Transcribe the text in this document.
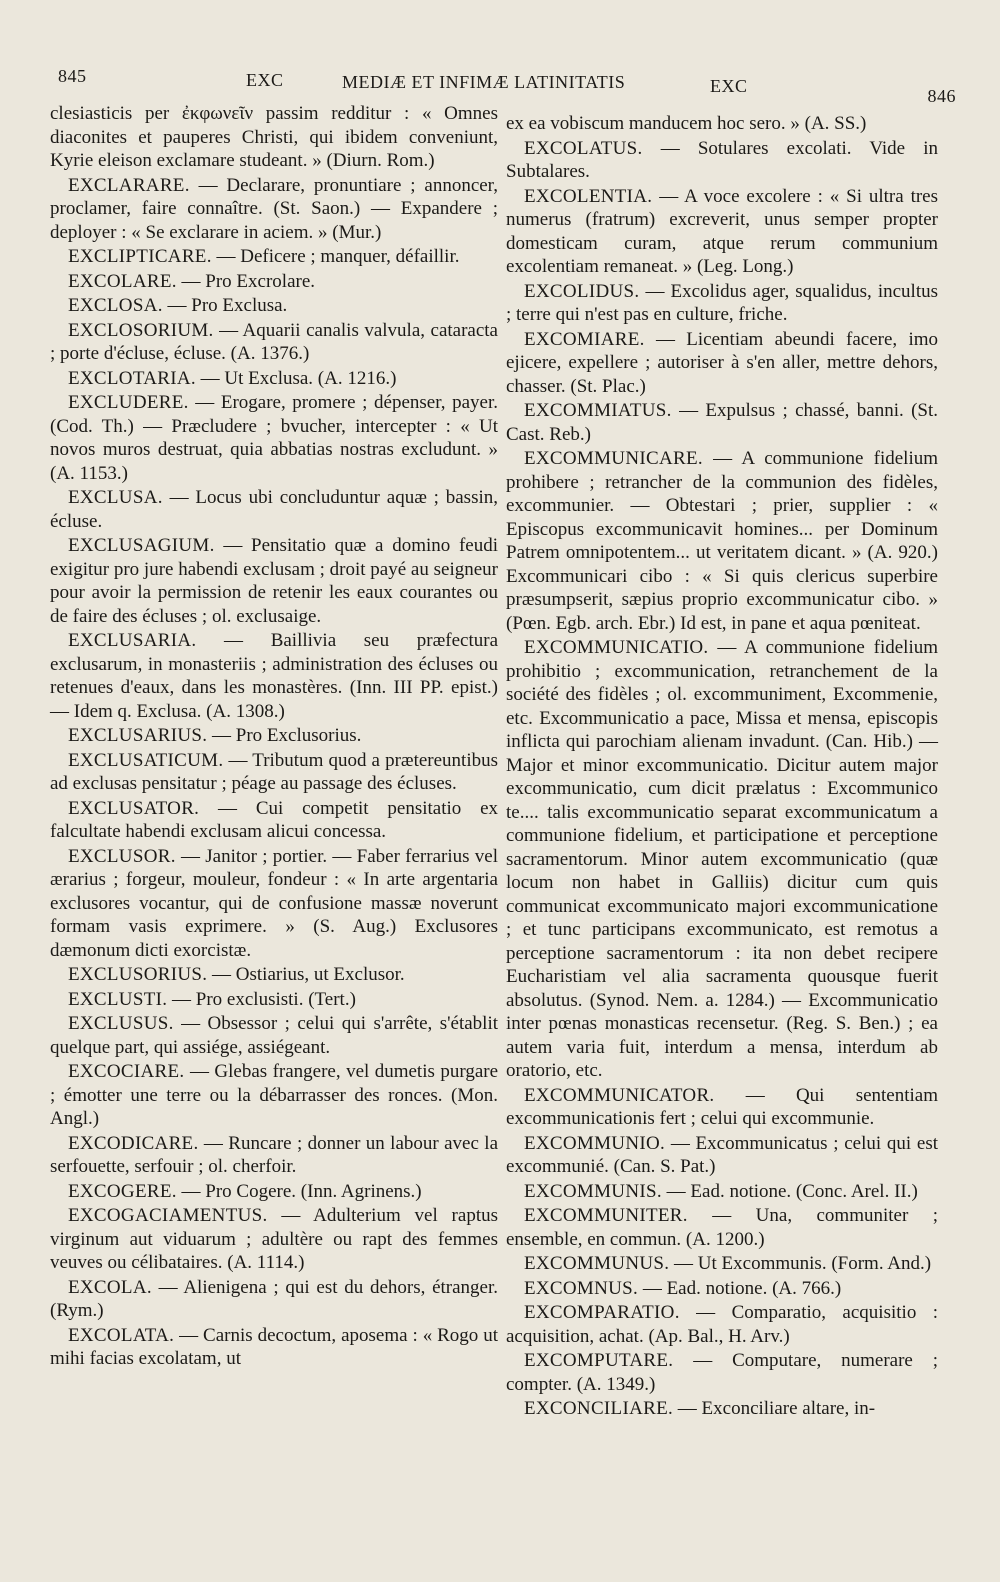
845	EXC	MEDIÆ ET INFIMÆ LATINITATIS	EXC	846

clesiasticis per ἐκφωνεῖν passim redditur : « Omnes diaconites et pauperes Christi, qui ibidem conveniunt, Kyrie eleison exclamare studeant. » (Diurn. Rom.)

EXCLARARE. — Declarare, pronuntiare ; annoncer, proclamer, faire connaître. (St. Saon.) — Expandere ; deployer : « Se exclarare in aciem. » (Mur.)

EXCLIPTICARE. — Deficere ; manquer, défaillir.

EXCOLARE. — Pro Excrolare.

EXCLOSA. — Pro Exclusa.

EXCLOSORIUM. — Aquarii canalis valvula, cataracta ; porte d'écluse, écluse. (A. 1376.)

EXCLOTARIA. — Ut Exclusa. (A. 1216.)

EXCLUDERE. — Erogare, promere ; dépenser, payer. (Cod. Th.) — Præcludere ; bvucher, intercepter : « Ut novos muros destruat, quia abbatias nostras excludunt. » (A. 1153.)

EXCLUSA. — Locus ubi concluduntur aquæ ; bassin, écluse.

EXCLUSAGIUM. — Pensitatio quæ a domino feudi exigitur pro jure habendi exclusam ; droit payé au seigneur pour avoir la permission de retenir les eaux courantes ou de faire des écluses ; ol. exclusaige.

EXCLUSARIA. — Baillivia seu præfectura exclusarum, in monasteriis ; administration des écluses ou retenues d'eaux, dans les monastères. (Inn. III PP. epist.) — Idem q. Exclusa. (A. 1308.)

EXCLUSARIUS. — Pro Exclusorius.

EXCLUSATICUM. — Tributum quod a prætereuntibus ad exclusas pensitatur ; péage au passage des écluses.

EXCLUSATOR. — Cui competit pensitatio ex falcultate habendi exclusam alicui concessa.

EXCLUSOR. — Janitor ; portier. — Faber ferrarius vel ærarius ; forgeur, mouleur, fondeur : « In arte argentaria exclusores vocantur, qui de confusione massæ noverunt formam vasis exprimere. » (S. Aug.) Exclusores dæmonum dicti exorcistæ.

EXCLUSORIUS. — Ostiarius, ut Exclusor.

EXCLUSTI. — Pro exclusisti. (Tert.)

EXCLUSUS. — Obsessor ; celui qui s'arrête, s'établit quelque part, qui assiége, assiégeant.

EXCOCIARE. — Glebas frangere, vel dumetis purgare ; émotter une terre ou la débarrasser des ronces. (Mon. Angl.)

EXCODICARE. — Runcare ; donner un labour avec la serfouette, serfouir ; ol. cherfoir.

EXCOGERE. — Pro Cogere. (Inn. Agrinens.)

EXCOGACIAMENTUS. — Adulterium vel raptus virginum aut viduarum ; adultère ou rapt des femmes veuves ou célibataires. (A. 1114.)

EXCOLA. — Alienigena ; qui est du dehors, étranger. (Rym.)

EXCOLATA. — Carnis decoctum, aposema : « Rogo ut mihi facias excolatam, ut

ex ea vobiscum manducem hoc sero. » (A. SS.)

EXCOLATUS. — Sotulares excolati. Vide in Subtalares.

EXCOLENTIA. — A voce excolere : « Si ultra tres numerus (fratrum) excreverit, unus semper propter domesticam curam, atque rerum communium excolentiam remaneat. » (Leg. Long.)

EXCOLIDUS. — Excolidus ager, squalidus, incultus ; terre qui n'est pas en culture, friche.

EXCOMIARE. — Licentiam abeundi facere, imo ejicere, expellere ; autoriser à s'en aller, mettre dehors, chasser. (St. Plac.)

EXCOMMIATUS. — Expulsus ; chassé, banni. (St. Cast. Reb.)

EXCOMMUNICARE. — A communione fidelium prohibere ; retrancher de la communion des fidèles, excommunier. — Obtestari ; prier, supplier : « Episcopus excommunicavit homines... per Dominum Patrem omnipotentem... ut veritatem dicant. » (A. 920.) Excommunicari cibo : « Si quis clericus superbire præsumpserit, sæpius proprio excommunicatur cibo. » (Pœn. Egb. arch. Ebr.) Id est, in pane et aqua pœniteat.

EXCOMMUNICATIO. — A communione fidelium prohibitio ; excommunication, retranchement de la société des fidèles ; ol. excommuniment, Excommenie, etc. Excommunicatio a pace, Missa et mensa, episcopis inflicta qui parochiam alienam invadunt. (Can. Hib.) — Major et minor excommunicatio. Dicitur autem major excommunicatio, cum dicit prælatus : Excommunico te.... talis excommunicatio separat excommunicatum a communione fidelium, et participatione et perceptione sacramentorum. Minor autem excommunicatio (quæ locum non habet in Galliis) dicitur cum quis communicat excommunicato majori excommunicatione ; et tunc participans excommunicato, est remotus a perceptione sacramentorum : ita non debet recipere Eucharistiam vel alia sacramenta quousque fuerit absolutus. (Synod. Nem. a. 1284.) — Excommunicatio inter pœnas monasticas recensetur. (Reg. S. Ben.) ; ea autem varia fuit, interdum a mensa, interdum ab oratorio, etc.

EXCOMMUNICATOR. — Qui sententiam excommunicationis fert ; celui qui excommunie.

EXCOMMUNIO. — Excommunicatus ; celui qui est excommunié. (Can. S. Pat.)

EXCOMMUNIS. — Ead. notione. (Conc. Arel. II.)

EXCOMMUNITER. — Una, communiter ; ensemble, en commun. (A. 1200.)

EXCOMMUNUS. — Ut Excommunis. (Form. And.)

EXCOMNUS. — Ead. notione. (A. 766.)

EXCOMPARATIO. — Comparatio, acquisitio : acquisition, achat. (Ap. Bal., H. Arv.)

EXCOMPUTARE. — Computare, numerare ; compter. (A. 1349.)

EXCONCILIARE. — Exconciliare altare, in-
